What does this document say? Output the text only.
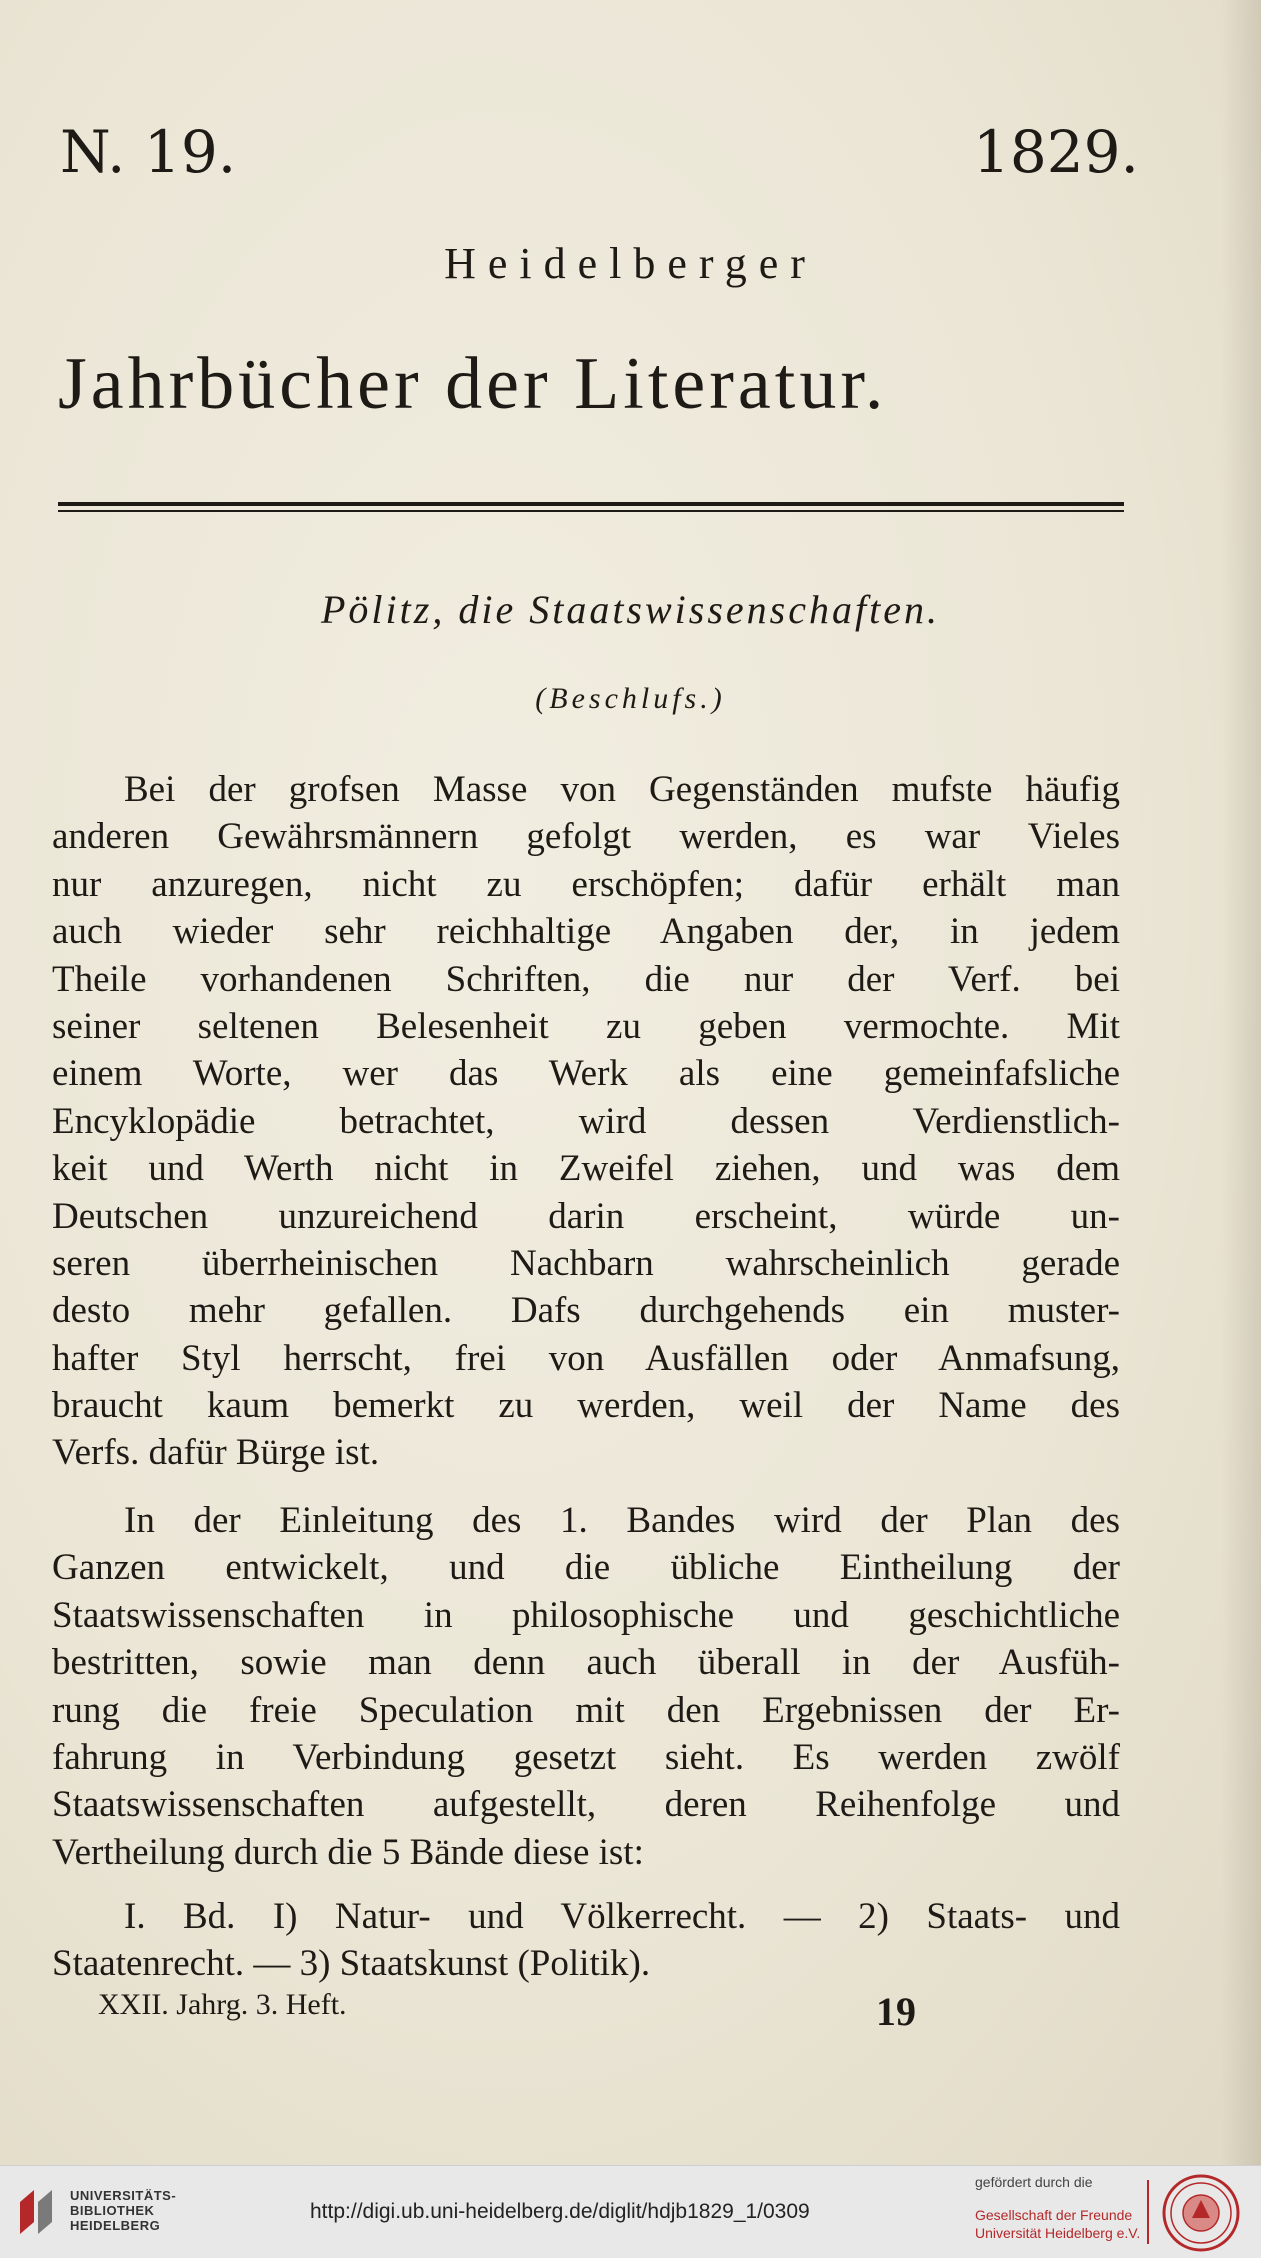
N. 19.	1829.
Heidelberger
Jahrbücher der Literatur.
Pölitz, die Staatswissenschaften.
(Beschlufs.)
Bei der grofsen Masse von Gegenständen mufste häufig
anderen Gewährsmännern gefolgt werden, es war Vieles
nur anzuregen, nicht zu erschöpfen; dafür erhält man
auch wieder sehr reichhaltige Angaben der, in jedem
Theile vorhandenen Schriften, die nur der Verf. bei
seiner seltenen Belesenheit zu geben vermochte. Mit
einem Worte, wer das Werk als eine gemeinfafsliche
Encyklopädie betrachtet, wird dessen Verdienstlich-
keit und Werth nicht in Zweifel ziehen, und was dem
Deutschen unzureichend darin erscheint, würde un-
seren überrheinischen Nachbarn wahrscheinlich gerade
desto mehr gefallen. Dafs durchgehends ein muster-
hafter Styl herrscht, frei von Ausfällen oder Anmafsung,
braucht kaum bemerkt zu werden, weil der Name des
Verfs. dafür Bürge ist.
In der Einleitung des 1. Bandes wird der Plan des
Ganzen entwickelt, und die übliche Eintheilung der
Staatswissenschaften in philosophische und geschichtliche
bestritten, sowie man denn auch überall in der Ausfüh-
rung die freie Speculation mit den Ergebnissen der Er-
fahrung in Verbindung gesetzt sieht. Es werden zwölf
Staatswissenschaften aufgestellt, deren Reihenfolge und
Vertheilung durch die 5 Bände diese ist:
I. Bd. I) Natur- und Völkerrecht. — 2) Staats- und
Staatenrecht. — 3) Staatskunst (Politik).
XXII. Jahrg. 3. Heft.	19
UNIVERSITÄTS-
BIBLIOTHEK
HEIDELBERG
http://digi.ub.uni-heidelberg.de/diglit/hdjb1829_1/0309
gefördert durch die
Gesellschaft der Freunde
Universität Heidelberg e.V.
